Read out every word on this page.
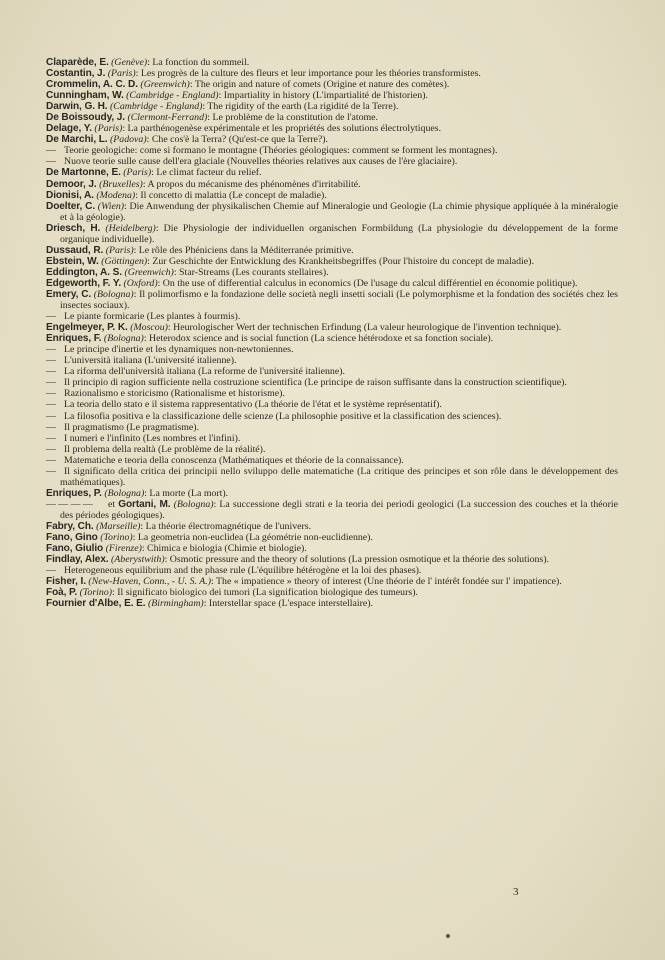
Claparède, E. (Genève): La fonction du sommeil.
Costantin, J. (Paris): Les progrès de la culture des fleurs et leur importance pour les théories transformistes.
Crommelin, A. C. D. (Greenwich): The origin and nature of comets (Origine et nature des comètes).
Cunningham, W. (Cambridge - England): Impartiality in history (L'impartialité de l'historien).
Darwin, G. H. (Cambridge - England): The rigidity of the earth (La rigidité de la Terre).
De Boissoudy, J. (Clermont-Ferrand): Le problème de la constitution de l'atome.
Delage, Y. (Paris): La parthénogenèse expérimentale et les propriétés des solutions électrolytiques.
De Marchi, L. (Padova): Che cos'è la Terra? (Qu'est-ce que la Terre?).
— Teorie geologiche: come si formano le montagne (Théories géologiques: comment se forment les montagnes).
— Nuove teorie sulle cause dell'era glaciale (Nouvelles théories relatives aux causes de l'ère glaciaire).
De Martonne, E. (Paris): Le climat facteur du relief.
Demoor, J. (Bruxelles): A propos du mécanisme des phénomènes d'irritabilité.
Dionisi, A. (Modena): Il concetto di malattia (Le concept de maladie).
Doelter, C. (Wien): Die Anwendung der physikalischen Chemie auf Mineralogie und Geologie (La chimie physique appliquée à la minéralogie et à la géologie).
Driesch, H. (Heidelberg): Die Physiologie der individuellen organischen Formbildung (La physiologie du développement de la forme organique individuelle).
Dussaud, R. (Paris): Le rôle des Phéniciens dans la Méditerranée primitive.
Ebstein, W. (Göttingen): Zur Geschichte der Entwicklung des Krankheitsbegriffes (Pour l'histoire du concept de maladie).
Eddington, A. S. (Greenwich): Star-Streams (Les courants stellaires).
Edgeworth, F. Y. (Oxford): On the use of differential calculus in economics (De l'usage du calcul différentiel en économie politique).
Emery, C. (Bologna): Il polimorfismo e la fondazione delle società negli insetti sociali (Le polymorphisme et la fondation des sociétés chez les insectes sociaux).
— Le piante formicarie (Les plantes à fourmis).
Engelmeyer, P. K. (Moscou): Heurologischer Wert der technischen Erfindung (La valeur heurologique de l'invention technique).
Enriques, F. (Bologna): Heterodox science and is social function (La science hétérodoxe et sa fonction sociale).
— Le principe d'inertie et les dynamiques non-newtoniennes.
— L'università italiana (L'université italienne).
— La riforma dell'università italiana (La reforme de l'université italienne).
— Il principio di ragion sufficiente nella costruzione scientifica (Le principe de raison suffisante dans la construction scientifique).
— Razionalismo e storicismo (Rationalisme et historisme).
— La teoria dello stato e il sistema rappresentativo (La théorie de l'état et le système représentatif).
— La filosofia positiva e la classificazione delle scienze (La philosophie positive et la classification des sciences).
— Il pragmatismo (Le pragmatisme).
— I numeri e l'infinito (Les nombres et l'infini).
— Il problema della realtà (Le problème de la réalité).
— Matematiche e teoria della conoscenza (Mathématiques et théorie de la connaissance).
— Il significato della critica dei principii nello sviluppo delle matematiche (La critique des principes et son rôle dans le développement des mathématiques).
Enriques, P. (Bologna): La morte (La mort).
— — — — et Gortani, M. (Bologna): La successione degli strati e la teoria dei periodi geologici (La succession des couches et la théorie des périodes géologiques).
Fabry, Ch. (Marseille): La théorie électromagnétique de l'univers.
Fano, Gino (Torino): La geometria non-euclidea (La géométrie non-euclidienne).
Fano, Giulio (Firenze): Chimica e biologia (Chimie et biologie).
Findlay, Alex. (Aberystwith): Osmotic pressure and the theory of solutions (La pression osmotique et la théorie des solutions).
— Heterogeneous equilibrium and the phase rule (L'équilibre hétérogène et la loi des phases).
Fisher, I. (New-Haven, Conn., - U. S. A.): The « impatience » theory of interest (Une théorie de l' intérêt fondée sur l' impatience).
Foà, P. (Torino): Il significato biologico dei tumori (La signification biologique des tumeurs).
Fournier d'Albe, E. E. (Birmingham): Interstellar space (L'espace interstellaire).
3
